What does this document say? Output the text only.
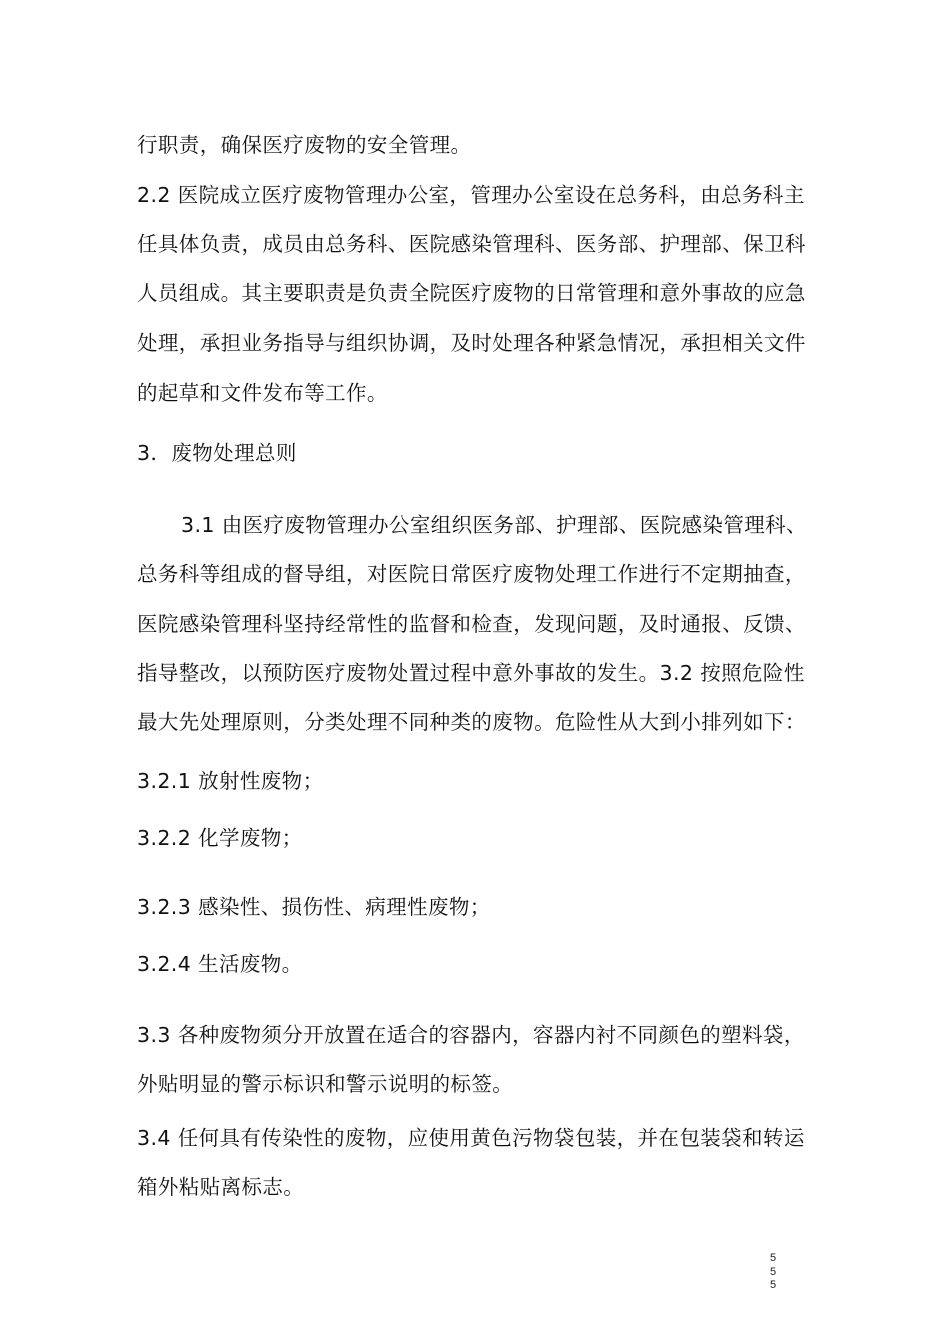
行职责，确保医疗废物的安全管理。

2.2 医院成立医疗废物管理办公室，管理办公室设在总务科，由总务科主

任具体负责，成员由总务科、医院感染管理科、医务部、护理部、保卫科

人员组成。其主要职责是负责全院医疗废物的日常管理和意外事故的应急

处理，承担业务指导与组织协调，及时处理各种紧急情况，承担相关文件

的起草和文件发布等工作。

3．废物处理总则

3.1 由医疗废物管理办公室组织医务部、护理部、医院感染管理科、

总务科等组成的督导组，对医院日常医疗废物处理工作进行不定期抽查，

医院感染管理科坚持经常性的监督和检查，发现问题，及时通报、反馈、

指导整改，以预防医疗废物处置过程中意外事故的发生。3.2 按照危险性

最大先处理原则，分类处理不同种类的废物。危险性从大到小排列如下：

3.2.1 放射性废物；

3.2.2 化学废物；

3.2.3 感染性、损伤性、病理性废物；

3.2.4 生活废物。

3.3 各种废物须分开放置在适合的容器内，容器内衬不同颜色的塑料袋，

外贴明显的警示标识和警示说明的标签。

3.4 任何具有传染性的废物，应使用黄色污物袋包装，并在包装袋和转运

箱外粘贴离标志。

5
5
5
